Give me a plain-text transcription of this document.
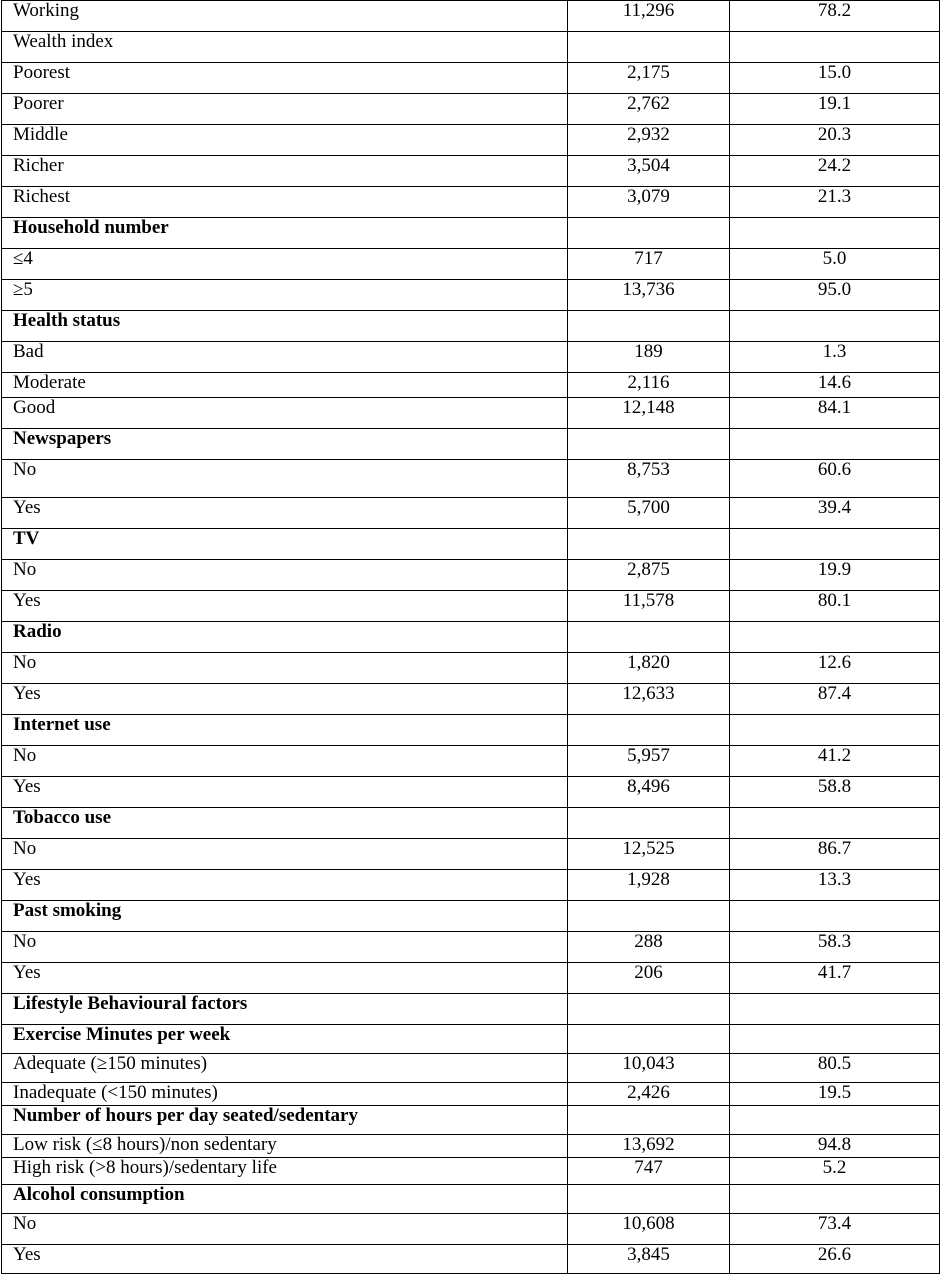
Working	11,296	78.2
Wealth index		
Poorest	2,175	15.0
Poorer	2,762	19.1
Middle	2,932	20.3
Richer	3,504	24.2
Richest	3,079	21.3
Household number		
≤4	717	5.0
≥5	13,736	95.0
Health status		
Bad	189	1.3
Moderate	2,116	14.6
Good	12,148	84.1
Newspapers		
No	8,753	60.6
Yes	5,700	39.4
TV		
No	2,875	19.9
Yes	11,578	80.1
Radio		
No	1,820	12.6
Yes	12,633	87.4
Internet use		
No	5,957	41.2
Yes	8,496	58.8
Tobacco use		
No	12,525	86.7
Yes	1,928	13.3
Past smoking		
No	288	58.3
Yes	206	41.7
Lifestyle Behavioural factors		
Exercise Minutes per week		
Adequate (≥150 minutes)	10,043	80.5
Inadequate (<150 minutes)	2,426	19.5
Number of hours per day seated/sedentary		
Low risk (≤8 hours)/non sedentary	13,692	94.8
High risk (>8 hours)/sedentary life	747	5.2
Alcohol consumption		
No	10,608	73.4
Yes	3,845	26.6
